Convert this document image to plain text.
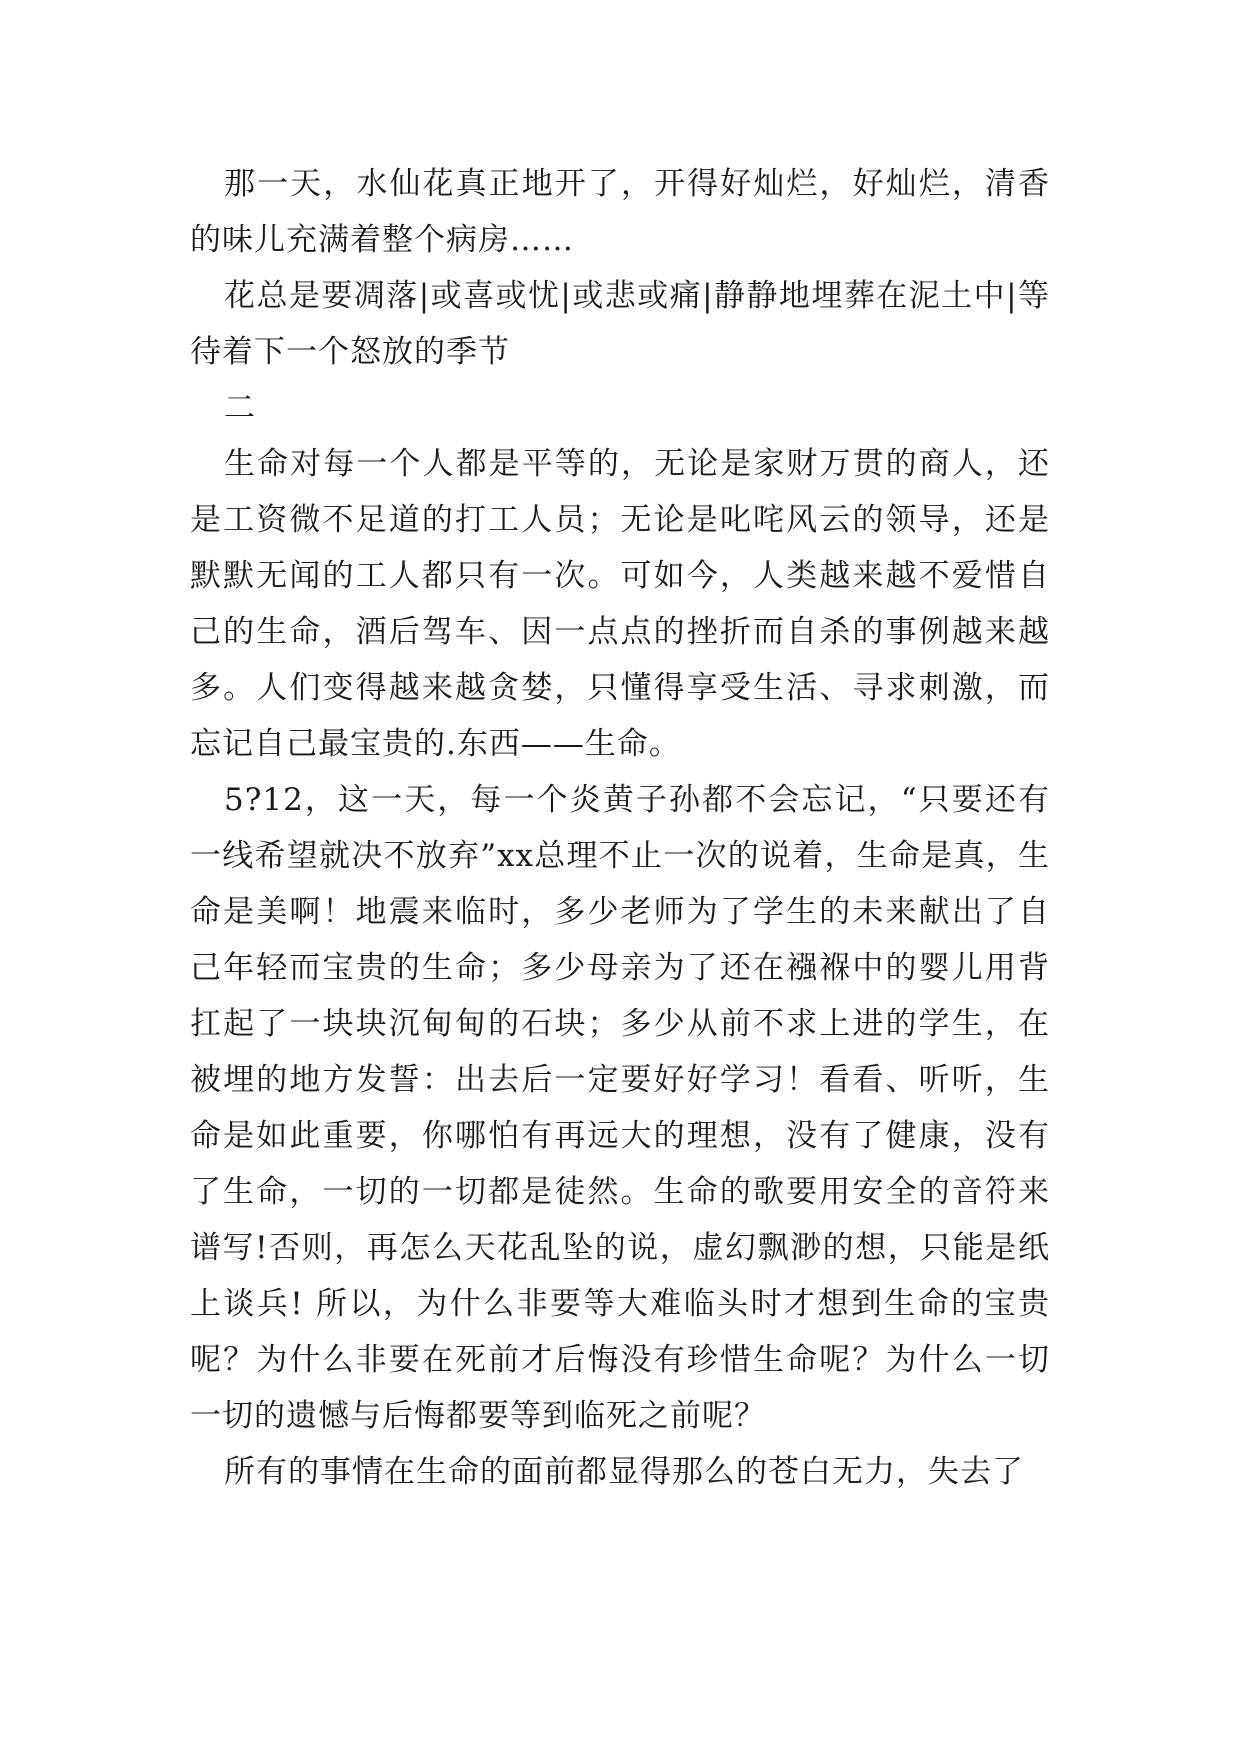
那一天，水仙花真正地开了，开得好灿烂，好灿烂，清香的味儿充满着整个病房……

花总是要凋落|或喜或忧|或悲或痛|静静地埋葬在泥土中|等待着下一个怒放的季节

二

生命对每一个人都是平等的，无论是家财万贯的商人，还是工资微不足道的打工人员；无论是叱咤风云的领导，还是默默无闻的工人都只有一次。可如今，人类越来越不爱惜自己的生命，酒后驾车、因一点点的挫折而自杀的事例越来越多。人们变得越来越贪婪，只懂得享受生活、寻求刺激，而忘记自己最宝贵的.东西——生命。

5?12，这一天，每一个炎黄子孙都不会忘记，“只要还有一线希望就决不放弃”xx总理不止一次的说着，生命是真，生命是美啊！地震来临时，多少老师为了学生的未来献出了自己年轻而宝贵的生命；多少母亲为了还在襁褓中的婴儿用背扛起了一块块沉甸甸的石块；多少从前不求上进的学生，在被埋的地方发誓：出去后一定要好好学习！看看、听听，生命是如此重要，你哪怕有再远大的理想，没有了健康，没有了生命，一切的一切都是徒然。生命的歌要用安全的音符来谱写!否则，再怎么天花乱坠的说，虚幻飘渺的想，只能是纸上谈兵! 所以，为什么非要等大难临头时才想到生命的宝贵呢？为什么非要在死前才后悔没有珍惜生命呢？为什么一切一切的遗憾与后悔都要等到临死之前呢？

所有的事情在生命的面前都显得那么的苍白无力，失去了
